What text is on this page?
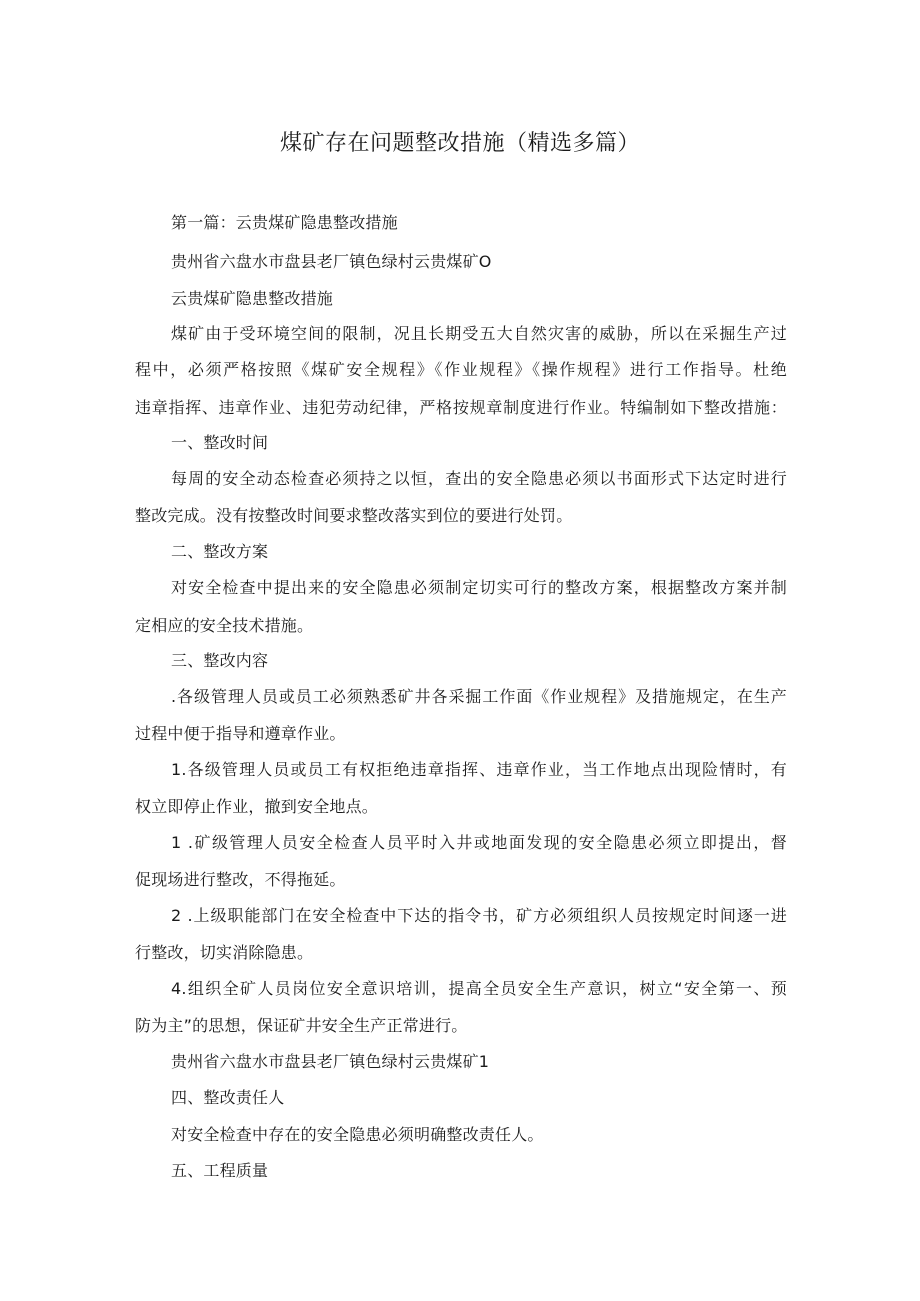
煤矿存在问题整改措施（精选多篇）
第一篇：云贵煤矿隐患整改措施
贵州省六盘水市盘县老厂镇色绿村云贵煤矿O
云贵煤矿隐患整改措施
煤矿由于受环境空间的限制，况且长期受五大自然灾害的威胁，所以在采掘生产过
程中，必须严格按照《煤矿安全规程》《作业规程》《操作规程》进行工作指导。杜绝
违章指挥、违章作业、违犯劳动纪律，严格按规章制度进行作业。特编制如下整改措施：
一、整改时间
每周的安全动态检查必须持之以恒，查出的安全隐患必须以书面形式下达定时进行
整改完成。没有按整改时间要求整改落实到位的要进行处罚。
二、整改方案
对安全检查中提出来的安全隐患必须制定切实可行的整改方案，根据整改方案并制
定相应的安全技术措施。
三、整改内容
.各级管理人员或员工必须熟悉矿井各采掘工作面《作业规程》及措施规定，在生产
过程中便于指导和遵章作业。
1.各级管理人员或员工有权拒绝违章指挥、违章作业，当工作地点出现险情时，有
权立即停止作业，撤到安全地点。
1 .矿级管理人员安全检查人员平时入井或地面发现的安全隐患必须立即提出，督
促现场进行整改，不得拖延。
2 .上级职能部门在安全检查中下达的指令书，矿方必须组织人员按规定时间逐一进
行整改，切实消除隐患。
4.组织全矿人员岗位安全意识培训，提高全员安全生产意识，树立“安全第一、预
防为主”的思想，保证矿井安全生产正常进行。
贵州省六盘水市盘县老厂镇色绿村云贵煤矿1
四、整改责任人
对安全检查中存在的安全隐患必须明确整改责任人。
五、工程质量
